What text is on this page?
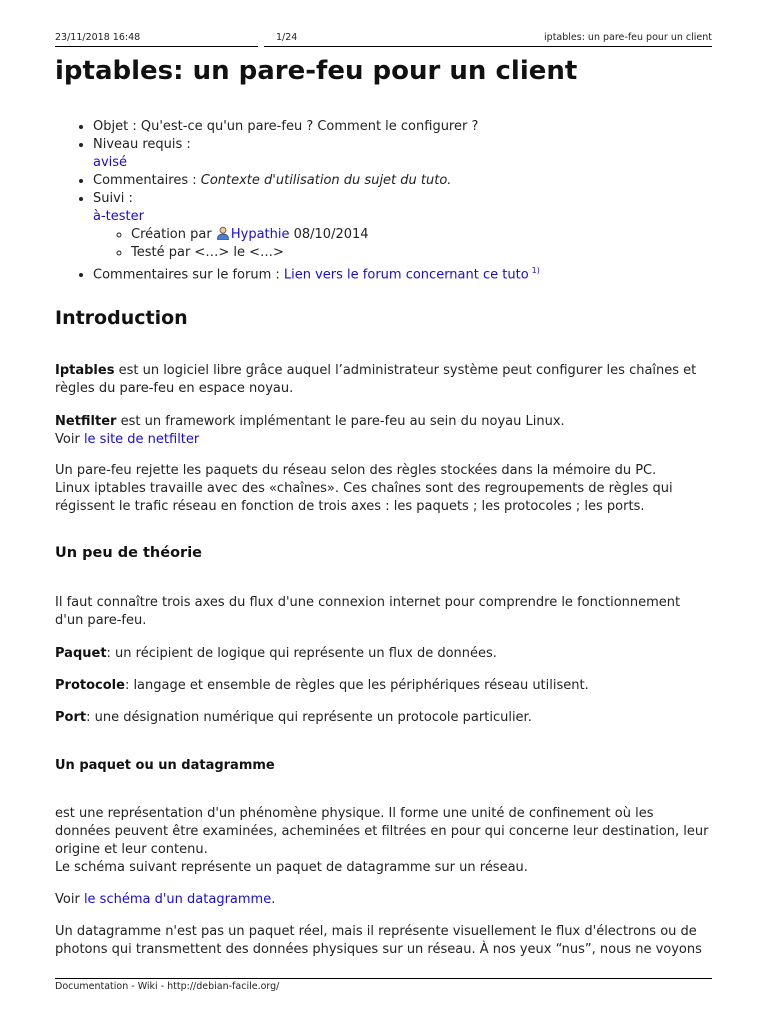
23/11/2018 16:48	1/24	iptables: un pare-feu pour un client
iptables: un pare-feu pour un client
• Objet : Qu'est-ce qu'un pare-feu ? Comment le configurer ?
• Niveau requis :
avisé
• Commentaires : Contexte d'utilisation du sujet du tuto.
• Suivi :
à-tester
◦ Création par Hypathie 08/10/2014
◦ Testé par <…> le <…>
• Commentaires sur le forum : Lien vers le forum concernant ce tuto $^{1)}$
Introduction

Iptables est un logiciel libre grâce auquel l’administrateur système peut configurer les chaînes et règles du pare-feu en espace noyau.

Netfilter est un framework implémentant le pare-feu au sein du noyau Linux.
Voir le site de netfilter

Un pare-feu rejette les paquets du réseau selon des règles stockées dans la mémoire du PC.
Linux iptables travaille avec des «chaînes». Ces chaînes sont des regroupements de règles qui régissent le trafic réseau en fonction de trois axes : les paquets ; les protocoles ; les ports.

Un peu de théorie

Il faut connaître trois axes du flux d'une connexion internet pour comprendre le fonctionnement d'un pare-feu.

Paquet: un récipient de logique qui représente un flux de données.

Protocole: langage et ensemble de règles que les périphériques réseau utilisent.

Port: une désignation numérique qui représente un protocole particulier.

Un paquet ou un datagramme

est une représentation d'un phénomène physique. Il forme une unité de confinement où les données peuvent être examinées, acheminées et filtrées en pour qui concerne leur destination, leur origine et leur contenu.
Le schéma suivant représente un paquet de datagramme sur un réseau.

Voir le schéma d'un datagramme.

Un datagramme n'est pas un paquet réel, mais il représente visuellement le flux d'électrons ou de photons qui transmettent des données physiques sur un réseau. À nos yeux “nus”, nous ne voyons

Documentation - Wiki - http://debian-facile.org/
